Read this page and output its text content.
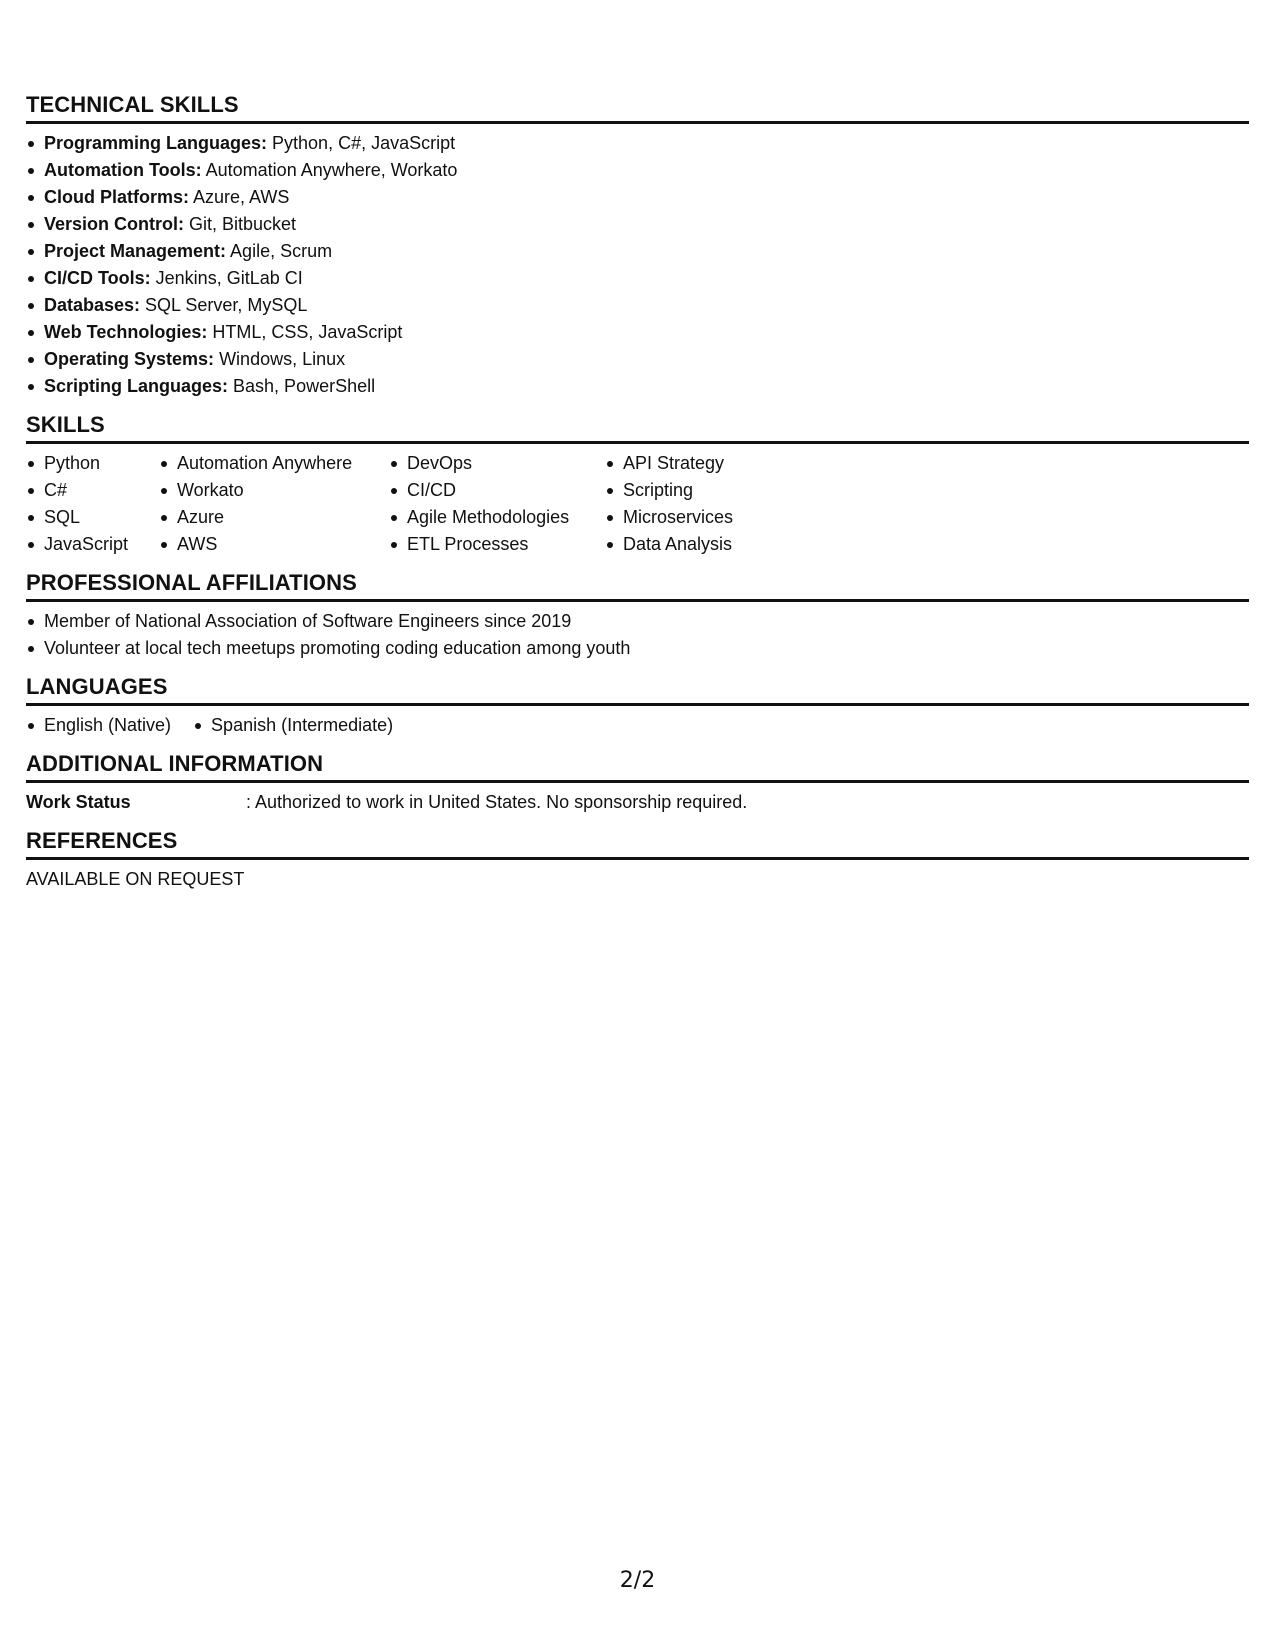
TECHNICAL SKILLS
Programming Languages: Python, C#, JavaScript
Automation Tools: Automation Anywhere, Workato
Cloud Platforms: Azure, AWS
Version Control: Git, Bitbucket
Project Management: Agile, Scrum
CI/CD Tools: Jenkins, GitLab CI
Databases: SQL Server, MySQL
Web Technologies: HTML, CSS, JavaScript
Operating Systems: Windows, Linux
Scripting Languages: Bash, PowerShell
SKILLS
Python
C#
SQL
JavaScript
Automation Anywhere
Workato
Azure
AWS
DevOps
CI/CD
Agile Methodologies
ETL Processes
API Strategy
Scripting
Microservices
Data Analysis
PROFESSIONAL AFFILIATIONS
Member of National Association of Software Engineers since 2019
Volunteer at local tech meetups promoting coding education among youth
LANGUAGES
English (Native)	Spanish (Intermediate)
ADDITIONAL INFORMATION
Work Status	: Authorized to work in United States. No sponsorship required.
REFERENCES
AVAILABLE ON REQUEST
2/2
